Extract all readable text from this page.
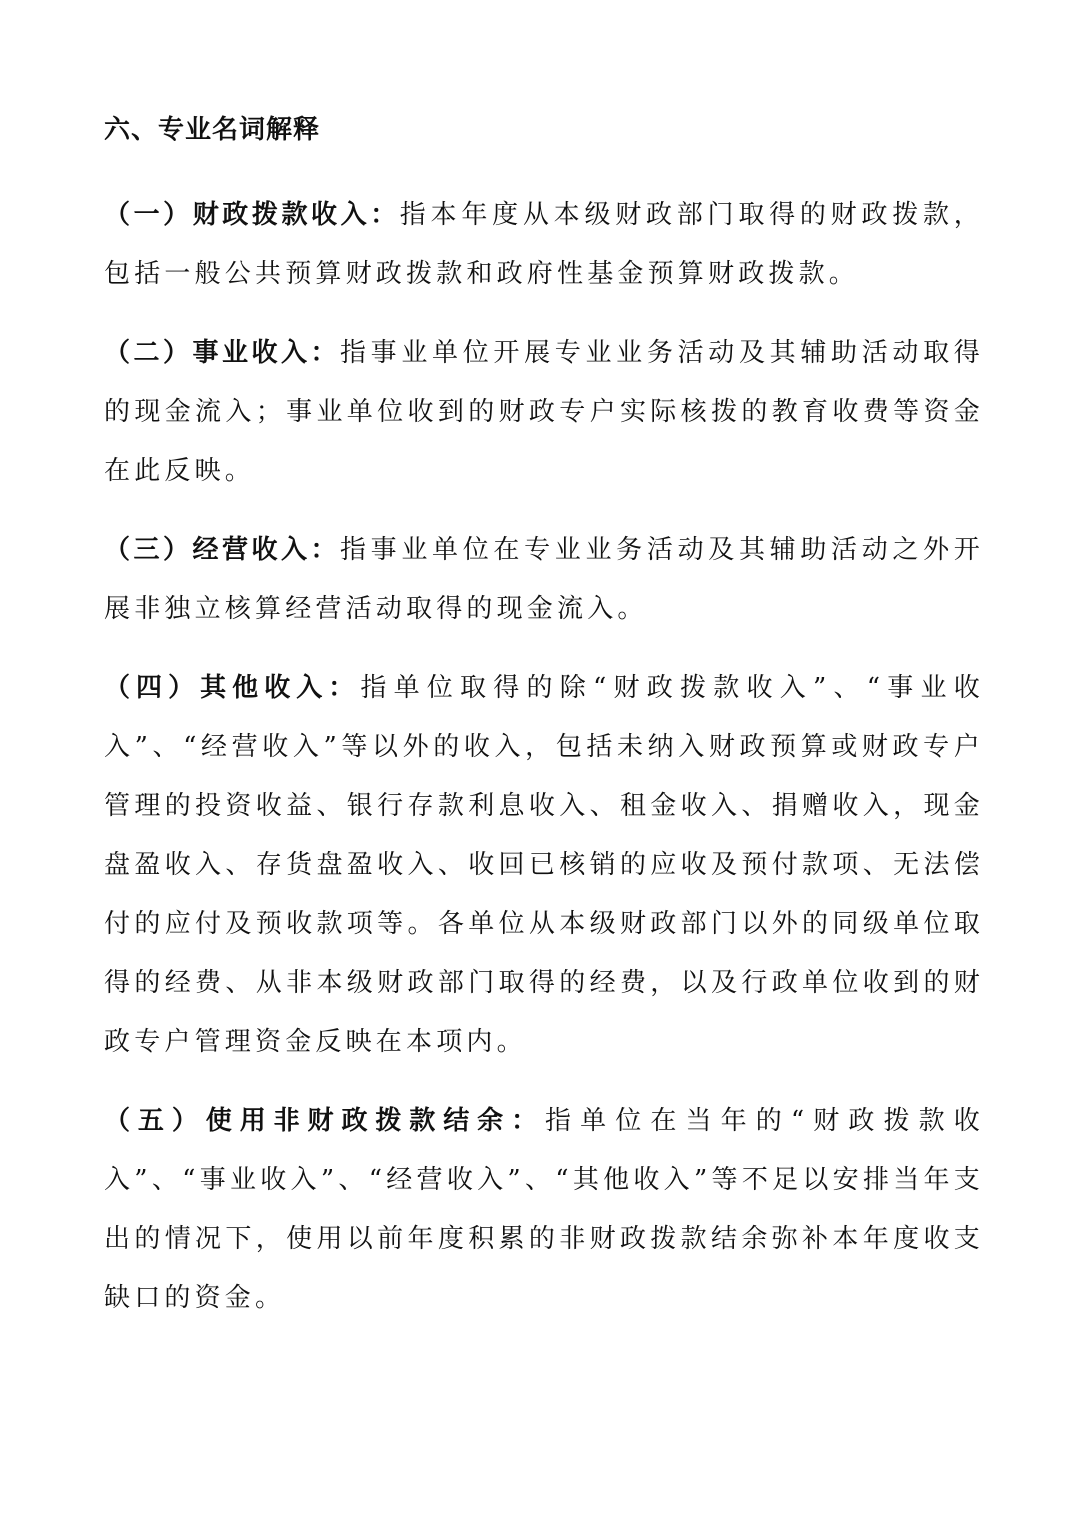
六、专业名词解释

（一）财政拨款收入：指本年度从本级财政部门取得的财政拨款，包括一般公共预算财政拨款和政府性基金预算财政拨款。

（二）事业收入：指事业单位开展专业业务活动及其辅助活动取得的现金流入；事业单位收到的财政专户实际核拨的教育收费等资金在此反映。

（三）经营收入：指事业单位在专业业务活动及其辅助活动之外开展非独立核算经营活动取得的现金流入。

（四）其他收入：指单位取得的除“财政拨款收入”、“事业收入”、“经营收入”等以外的收入，包括未纳入财政预算或财政专户管理的投资收益、银行存款利息收入、租金收入、捐赠收入，现金盘盈收入、存货盘盈收入、收回已核销的应收及预付款项、无法偿付的应付及预收款项等。各单位从本级财政部门以外的同级单位取得的经费、从非本级财政部门取得的经费，以及行政单位收到的财政专户管理资金反映在本项内。

（五）使用非财政拨款结余：指单位在当年的“财政拨款收入”、“事业收入”、“经营收入”、“其他收入”等不足以安排当年支出的情况下，使用以前年度积累的非财政拨款结余弥补本年度收支缺口的资金。
